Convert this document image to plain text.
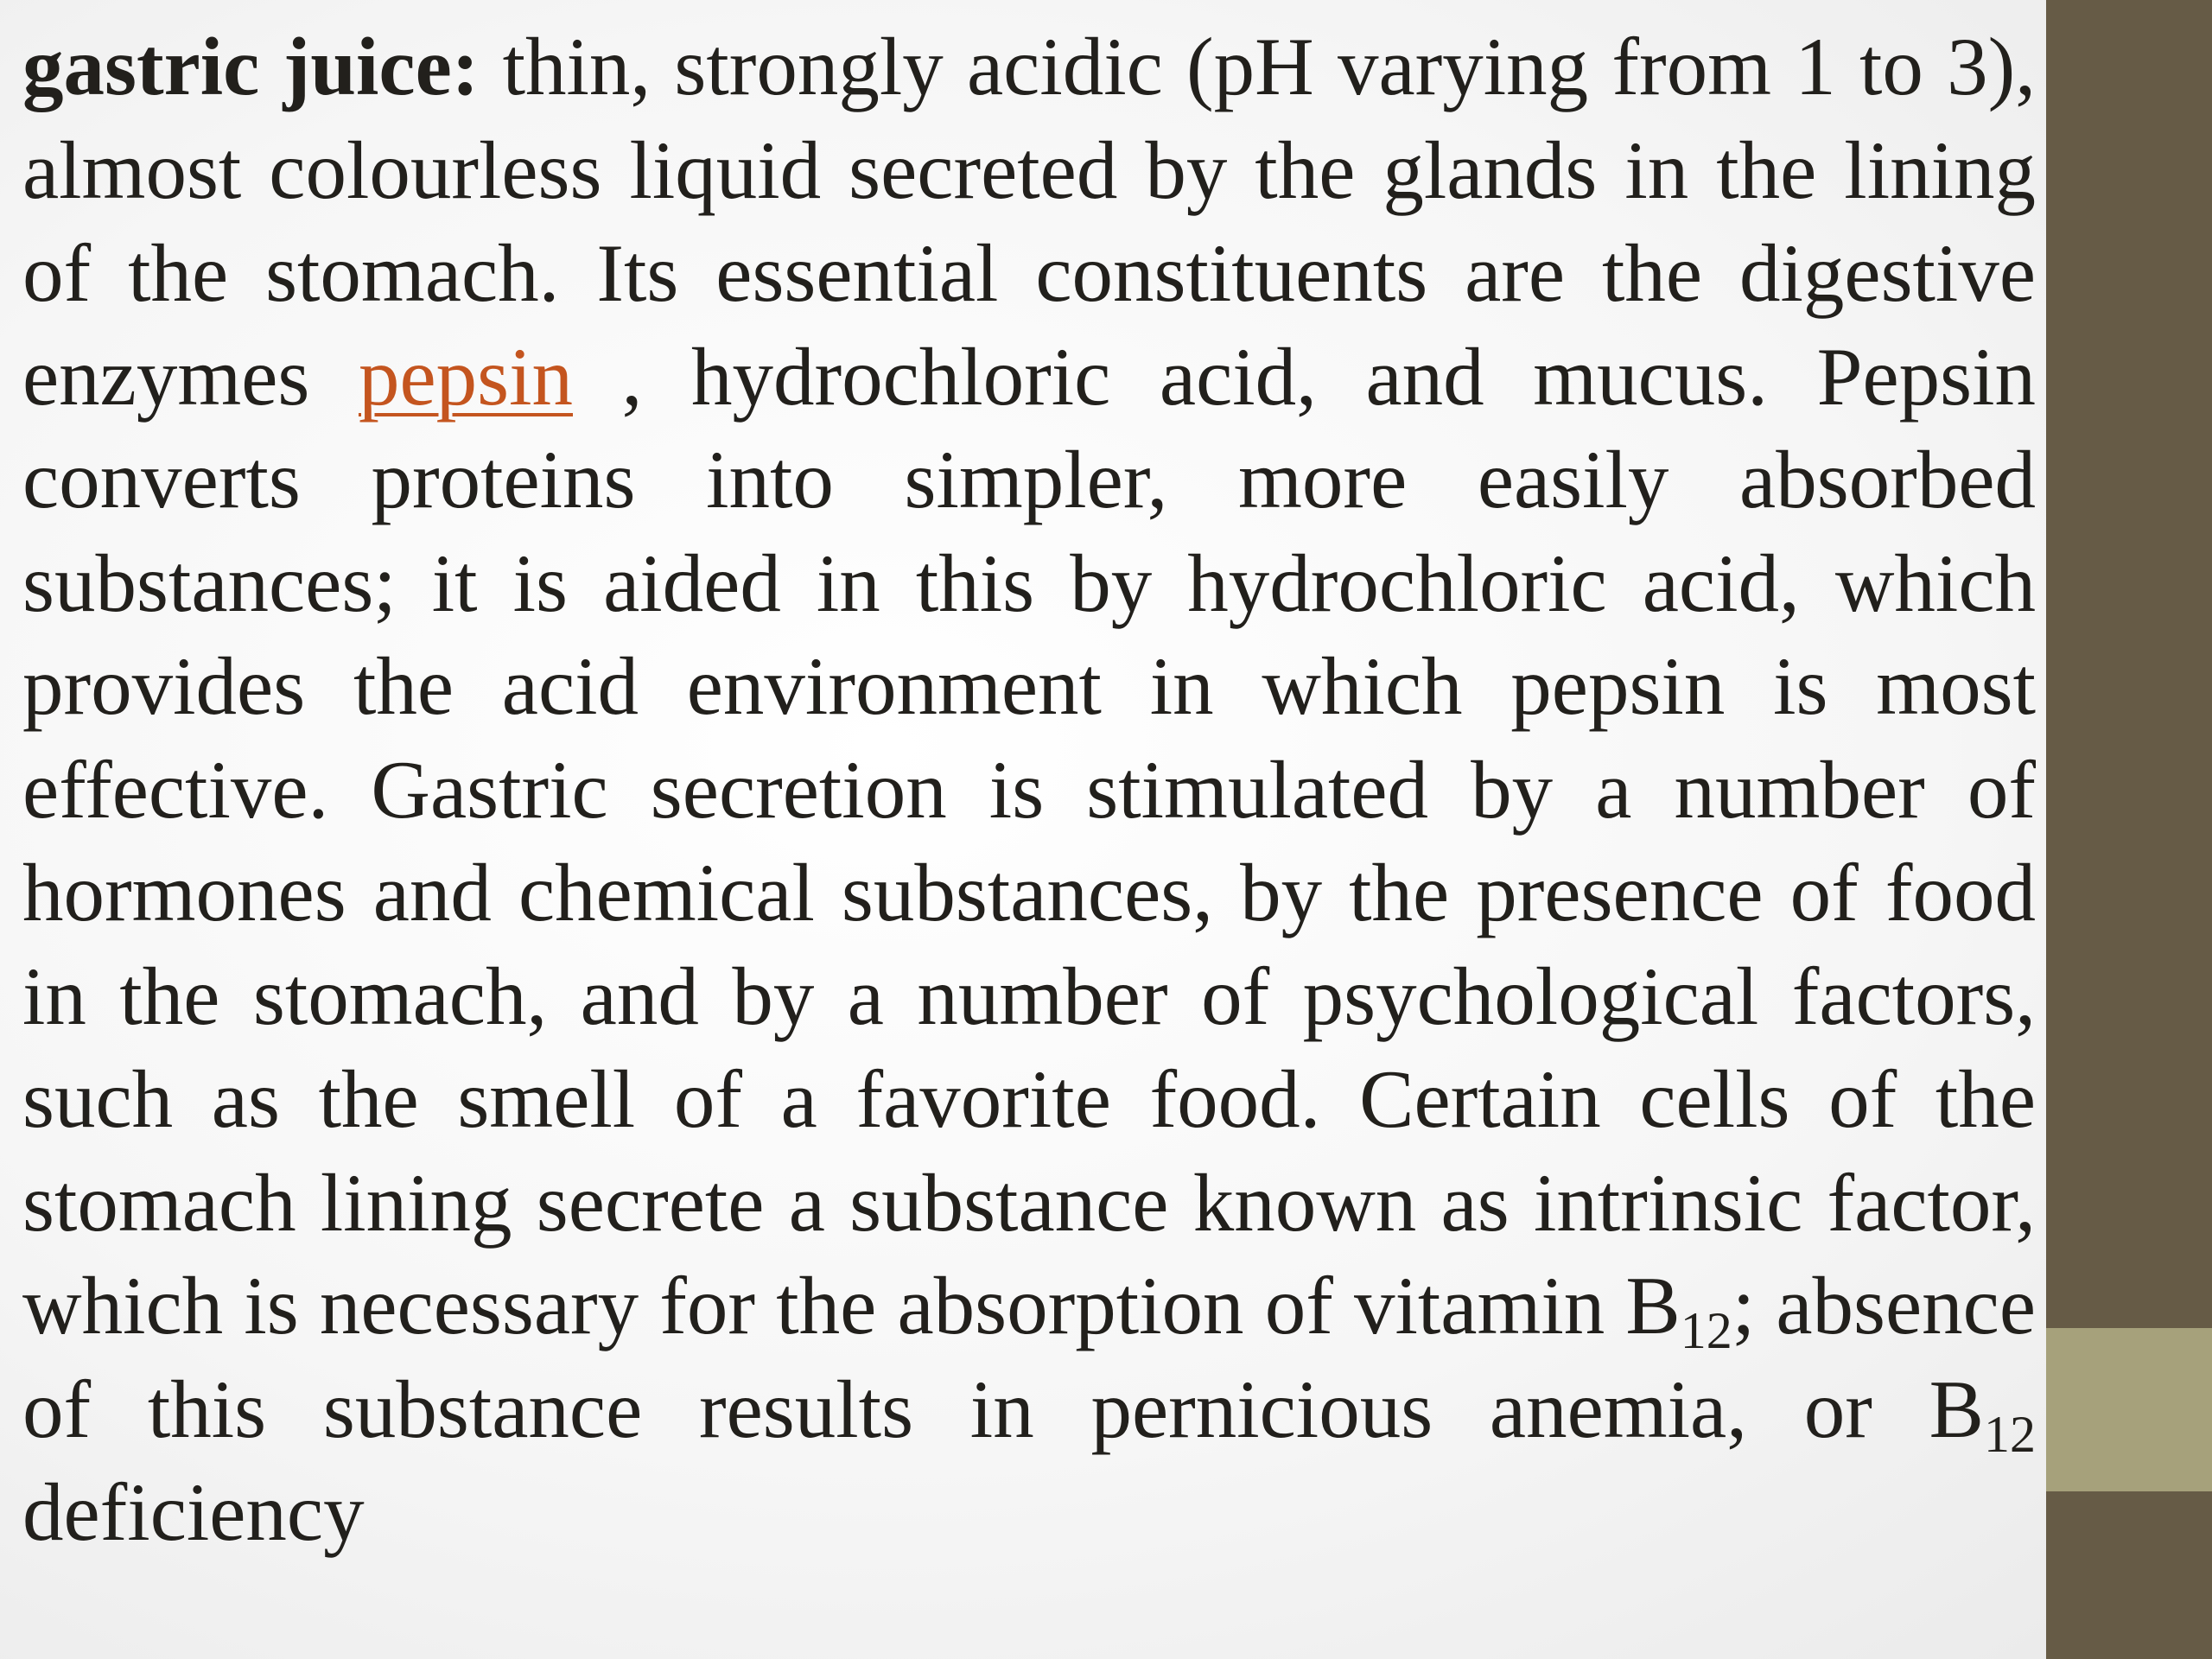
gastric juice: thin, strongly acidic (pH varying from 1 to 3), almost colourless liquid secreted by the glands in the lining of the stomach. Its essential constituents are the digestive enzymes pepsin , hydrochloric acid, and mucus. Pepsin converts proteins into simpler, more easily absorbed substances; it is aided in this by hydrochloric acid, which provides the acid environment in which pepsin is most effective. Gastric secretion is stimulated by a number of hormones and chemical substances, by the presence of food in the stomach, and by a number of psychological factors, such as the smell of a favorite food. Certain cells of the stomach lining secrete a substance known as intrinsic factor, which is necessary for the absorption of vitamin $B_{12}$; absence of this substance results in pernicious anemia, or $B_{12}$ deficiency
